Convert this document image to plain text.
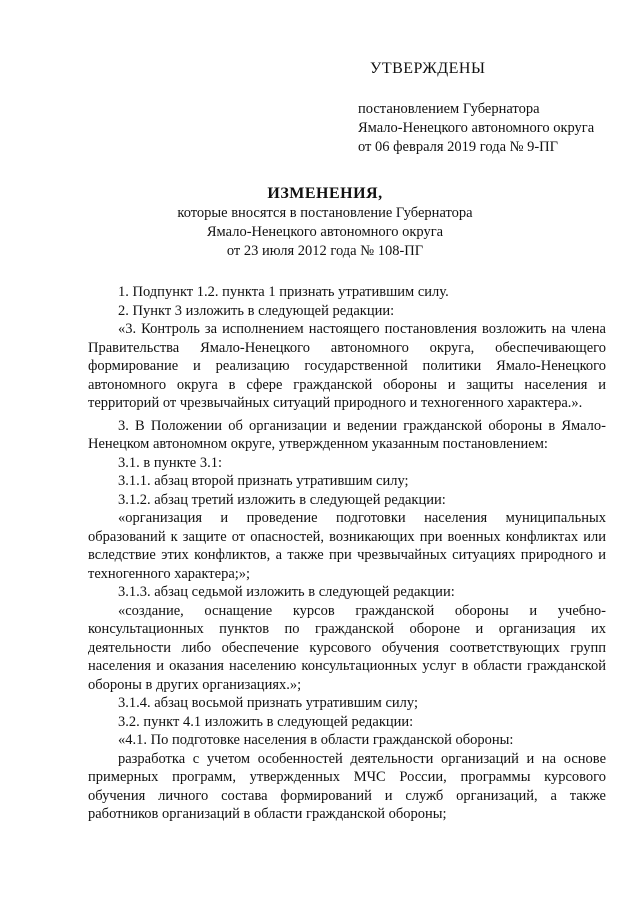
УТВЕРЖДЕНЫ

постановлением Губернатора

Ямало-Ненецкого автономного округа

от 06 февраля 2019 года № 9-ПГ

ИЗМЕНЕНИЯ,

которые вносятся в постановление Губернатора

Ямало-Ненецкого автономного округа

от 23 июля 2012 года № 108-ПГ

1. Подпункт 1.2. пункта 1 признать утратившим силу.

2. Пункт 3 изложить в следующей редакции:

«3. Контроль за исполнением настоящего постановления возложить на члена Правительства Ямало-Ненецкого автономного округа, обеспечивающего формирование и реализацию государственной политики Ямало-Ненецкого автономного округа в сфере гражданской обороны и защиты населения и территорий от чрезвычайных ситуаций природного и техногенного характера.».

3. В Положении об организации и ведении гражданской обороны в Ямало-Ненецком автономном округе, утвержденном указанным постановлением:

3.1. в пункте 3.1:

3.1.1. абзац второй признать утратившим силу;

3.1.2. абзац третий изложить в следующей редакции:

«организация и проведение подготовки населения муниципальных образований к защите от опасностей, возникающих при военных конфликтах или вследствие этих конфликтов, а также при чрезвычайных ситуациях природного и техногенного характера;»;

3.1.3. абзац седьмой изложить в следующей редакции:

«создание, оснащение курсов гражданской обороны и учебно-консультационных пунктов по гражданской обороне и организация их деятельности либо обеспечение курсового обучения соответствующих групп населения и оказания населению консультационных услуг в области гражданской обороны в других организациях.»;

3.1.4. абзац восьмой признать утратившим силу;

3.2. пункт 4.1 изложить в следующей редакции:

«4.1. По подготовке населения в области гражданской обороны:

разработка с учетом особенностей деятельности организаций и на основе примерных программ, утвержденных МЧС России, программы курсового обучения личного состава формирований и служб организаций, а также работников организаций в области гражданской обороны;
